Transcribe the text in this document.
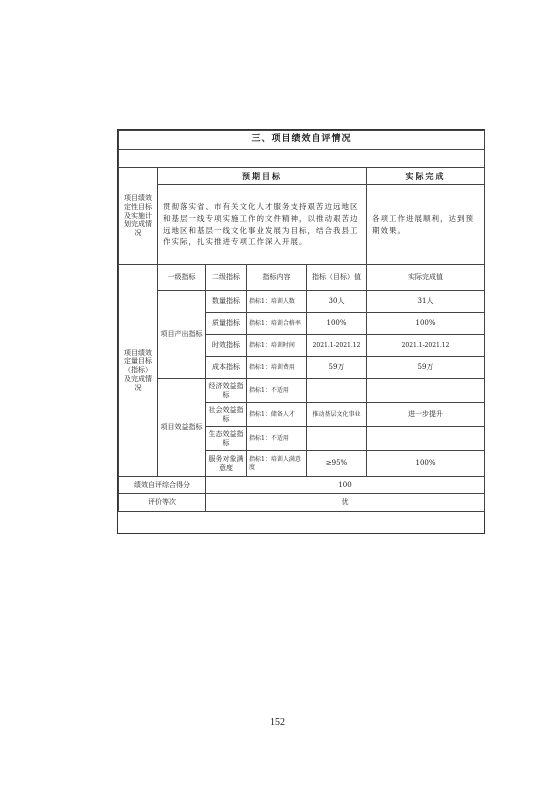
三、项目绩效自评情况					

项目绩效定性目标及实施计划完成情况	预期目标				实际完成
	贯彻落实省、市有关文化人才服务支持艰苦边远地区和基层一线专项实施工作的文件精神，以推动艰苦边远地区和基层一线文化事业发展为目标，结合我县工作实际，扎实推进专项工作深入开展。				各项工作进展顺利，达到预期效果。
项目绩效定量目标（指标）及完成情况	一级指标	二级指标	指标内容	指标（目标）值	实际完成值
	项目产出指标	数量指标	指标1：培训人数	30人	31人
		质量指标	指标1：培训合格率	100%	100%
		时效指标	指标1：培训时间	2021.1-2021.12	2021.1-2021.12
		成本指标	指标1：培训费用	59万	59万
	项目效益指标	经济效益指标	指标1：不适用		
		社会效益指标	指标1：储备人才	推动基层文化事业	进一步提升
		生态效益指标	指标1：不适用		
		服务对象满意度	指标1：培训人满意度	≥95%	100%
绩效自评综合得分		100			
评价等次		优			
152
